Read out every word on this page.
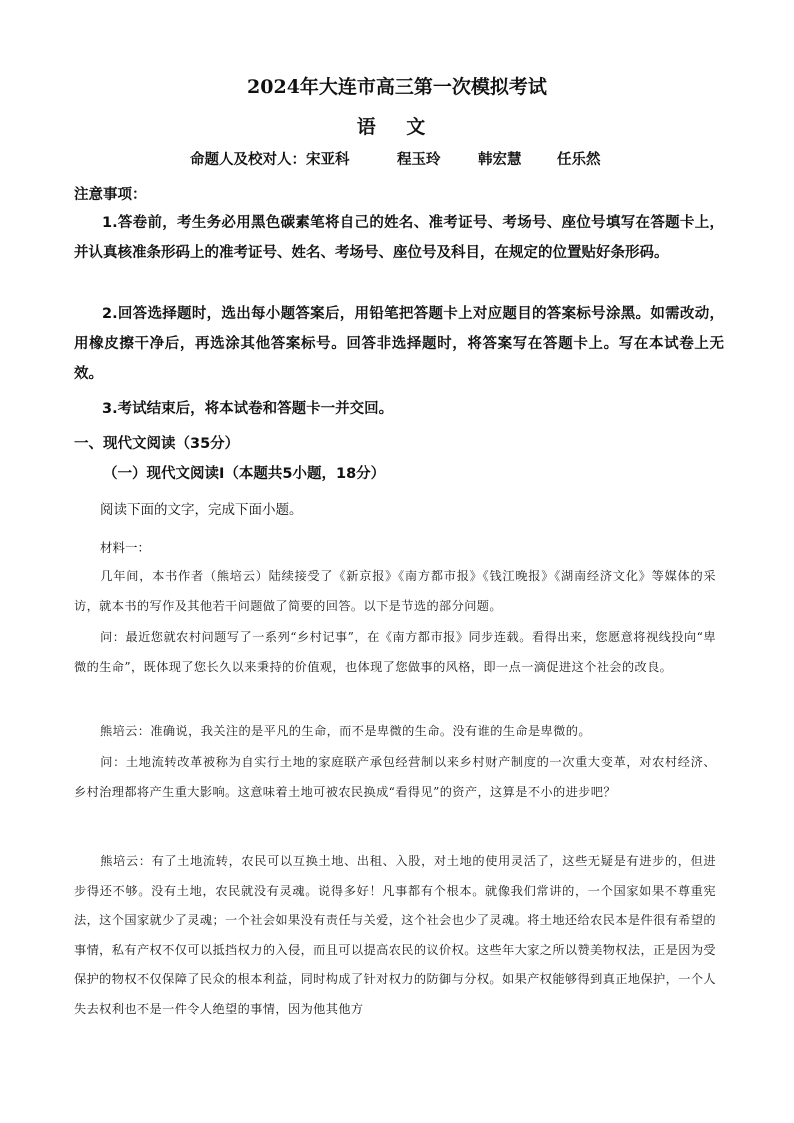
2024年大连市高三第一次模拟考试
语 文
命题人及校对人：宋亚科	程玉玲	韩宏慧 任乐然
注意事项：
1.答卷前，考生务必用黑色碳素笔将自己的姓名、准考证号、考场号、座位号填写在答题卡上，并认真核准条形码上的准考证号、姓名、考场号、座位号及科目，在规定的位置贴好条形码。
2.回答选择题时，选出每小题答案后，用铅笔把答题卡上对应题目的答案标号涂黑。如需改动，用橡皮擦干净后，再选涂其他答案标号。回答非选择题时，将答案写在答题卡上。写在本试卷上无效。
3.考试结束后，将本试卷和答题卡一并交回。
一、现代文阅读（35分）
（一）现代文阅读Ⅰ（本题共5小题，18分）
阅读下面的文字，完成下面小题。
材料一：
几年间，本书作者（熊培云）陆续接受了《新京报》《南方都市报》《钱江晚报》《湖南经济文化》等媒体的采访，就本书的写作及其他若干问题做了简要的回答。以下是节选的部分问题。
问：最近您就农村问题写了一系列“乡村记事”，在《南方都市报》同步连载。看得出来，您愿意将视线投向“卑微的生命”，既体现了您长久以来秉持的价值观，也体现了您做事的风格，即一点一滴促进这个社会的改良。
熊培云：准确说，我关注的是平凡的生命，而不是卑微的生命。没有谁的生命是卑微的。
问：土地流转改革被称为自实行土地的家庭联产承包经营制以来乡村财产制度的一次重大变革，对农村经济、乡村治理都将产生重大影响。这意味着土地可被农民换成“看得见”的资产，这算是不小的进步吧？
熊培云：有了土地流转，农民可以互换土地、出租、入股，对土地的使用灵活了，这些无疑是有进步的，但进步得还不够。没有土地，农民就没有灵魂。说得多好！凡事都有个根本。就像我们常讲的，一个国家如果不尊重宪法，这个国家就少了灵魂；一个社会如果没有责任与关爱，这个社会也少了灵魂。将土地还给农民本是件很有希望的事情，私有产权不仅可以抵挡权力的入侵，而且可以提高农民的议价权。这些年大家之所以赞美物权法，正是因为受保护的物权不仅保障了民众的根本利益，同时构成了针对权力的防御与分权。如果产权能够得到真正地保护，一个人失去权利也不是一件令人绝望的事情，因为他其他方
